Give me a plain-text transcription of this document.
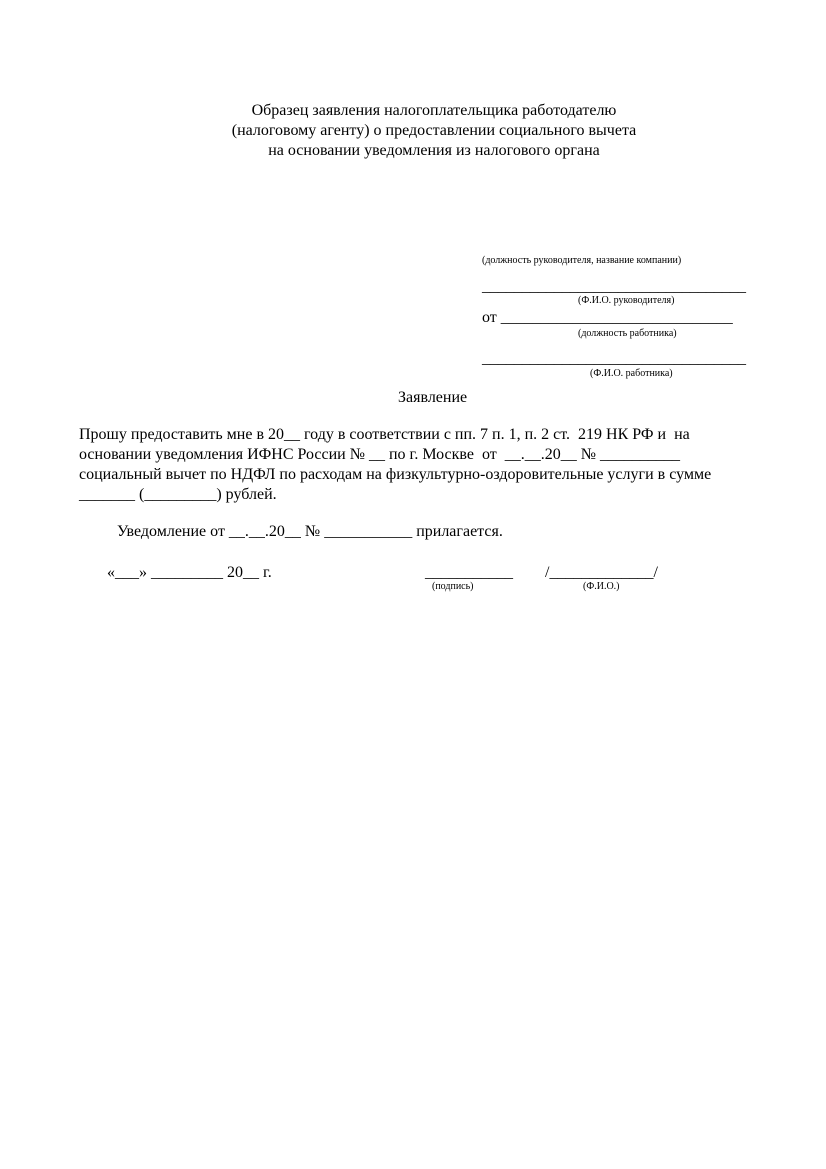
Образец заявления налогоплательщика работодателю
(налоговому агенту) о предоставлении социального вычета
на основании уведомления из налогового органа
(должность руководителя, название компании)
_________________________________
(Ф.И.О. руководителя)
от _____________________________
(должность работника)
_________________________________
(Ф.И.О. работника)
Заявление
Прошу предоставить мне в 20__ году в соответствии с пп. 7 п. 1, п. 2 ст.  219 НК РФ и  на
основании уведомления ИФНС России № __ по г. Москве  от  __.__.20__ № __________
социальный вычет по НДФЛ по расходам на физкультурно-оздоровительные услуги в сумме
_______ (_________) рублей.
Уведомление от __.__.20__ № ___________ прилагается.
«___» _________ 20__ г.	___________ /_____________/
(подпись)	(Ф.И.О.)
